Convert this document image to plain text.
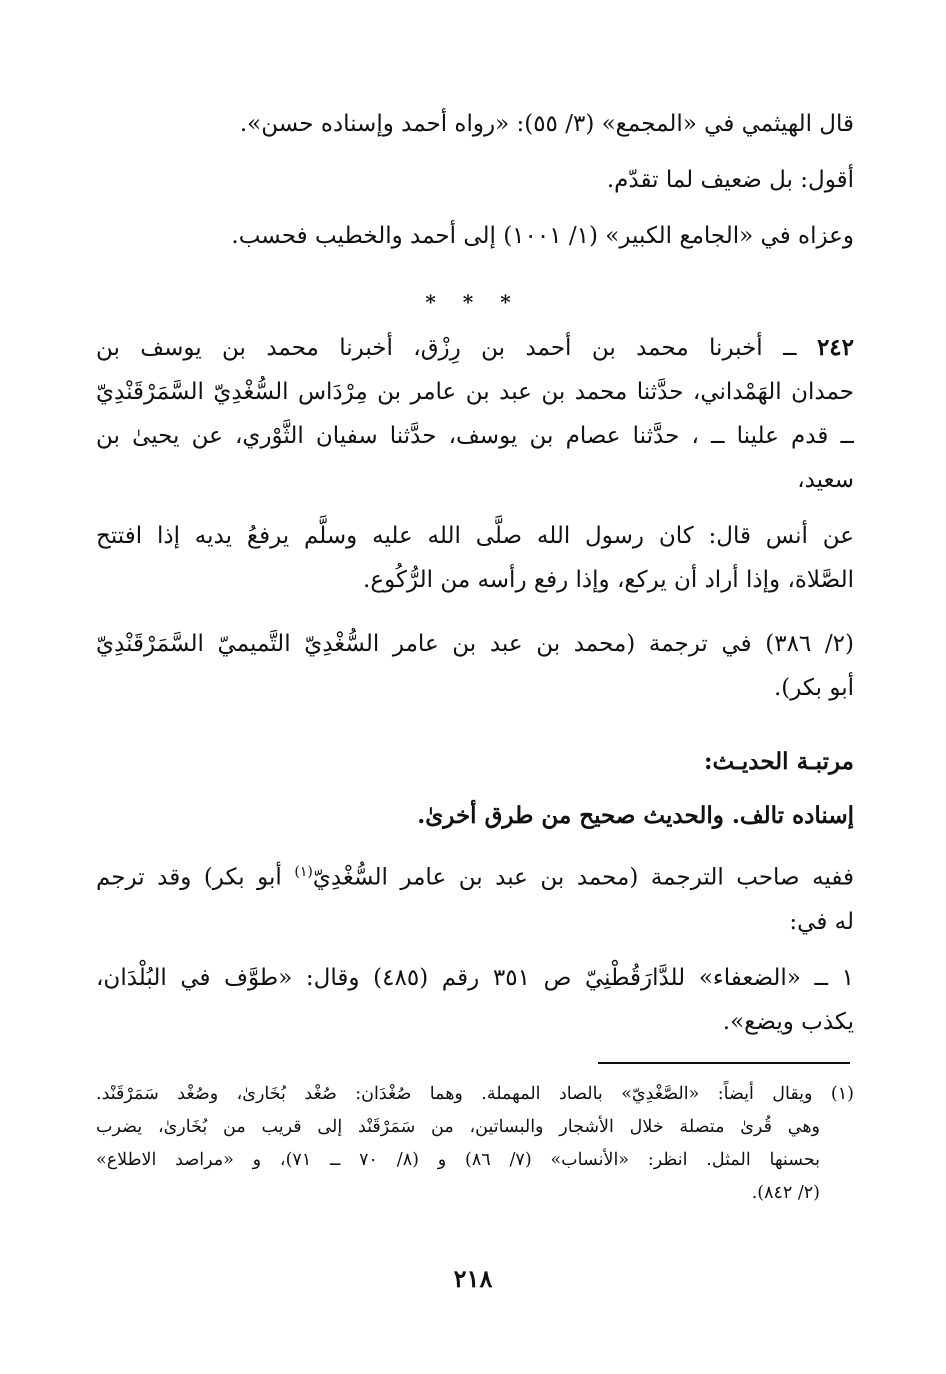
قال الهيثمي في «المجمع» (٣/ ٥٥): «رواه أحمد وإسناده حسن».
أقول: بل ضعيف لما تقدّم.
وعزاه في «الجامع الكبير» (١/ ١٠٠١) إلى أحمد والخطيب فحسب.
* * *
٢٤٢ ــ أخبرنا محمد بن أحمد بن رِزْق، أخبرنا محمد بن يوسف بن
حمدان الهَمْداني، حدَّثنا محمد بن عبد بن عامر بن مِرْدَاس السُّغْدِيّ السَّمَرْقَنْدِيّ
ــ قدم علينا ــ ، حدَّثنا عصام بن يوسف، حدَّثنا سفيان الثَّوْري، عن يحيىٰ بن
سعيد،
عن أنس قال: كان رسول الله صلَّى الله عليه وسلَّم يرفعُ يديه إذا افتتح
الصَّلاة، وإذا أراد أن يركع، وإذا رفع رأسه من الرُّكُوع.
(٢/ ٣٨٦) في ترجمة (محمد بن عبد بن عامر السُّغْدِيّ التَّميميّ السَّمَرْقَنْدِيّ
أبو بكر).
مرتبـة الحديـث:
إسناده تالف. والحديث صحيح من طرق أخرىٰ.
ففيه صاحب الترجمة (محمد بن عبد بن عامر السُّغْدِيّ$^{(١)}$ أبو بكر) وقد ترجم
له في:
١ ــ «الضعفاء» للدَّارَقُطْنِيّ ص ٣٥١ رقم (٤٨٥) وقال: «طوَّف في البُلْدَان،
يكذب ويضع».
(١) ويقال أيضاً: «الصَّغْدِيّ» بالصاد المهملة. وهما صُغْدَان: صُغْد بُخَارىٰ، وصُغْد سَمَرْقَنْد.
وهي قُرىٰ متصلة خلال الأشجار والبساتين، من سَمَرْقَنْد إلى قريب من بُخَارىٰ، يضرب
بحسنها المثل. انظر: «الأنساب» (٧/ ٨٦) و (٨/ ٧٠ ــ ٧١)، و «مراصد الاطلاع»
(٢/ ٨٤٢).
٢١٨
